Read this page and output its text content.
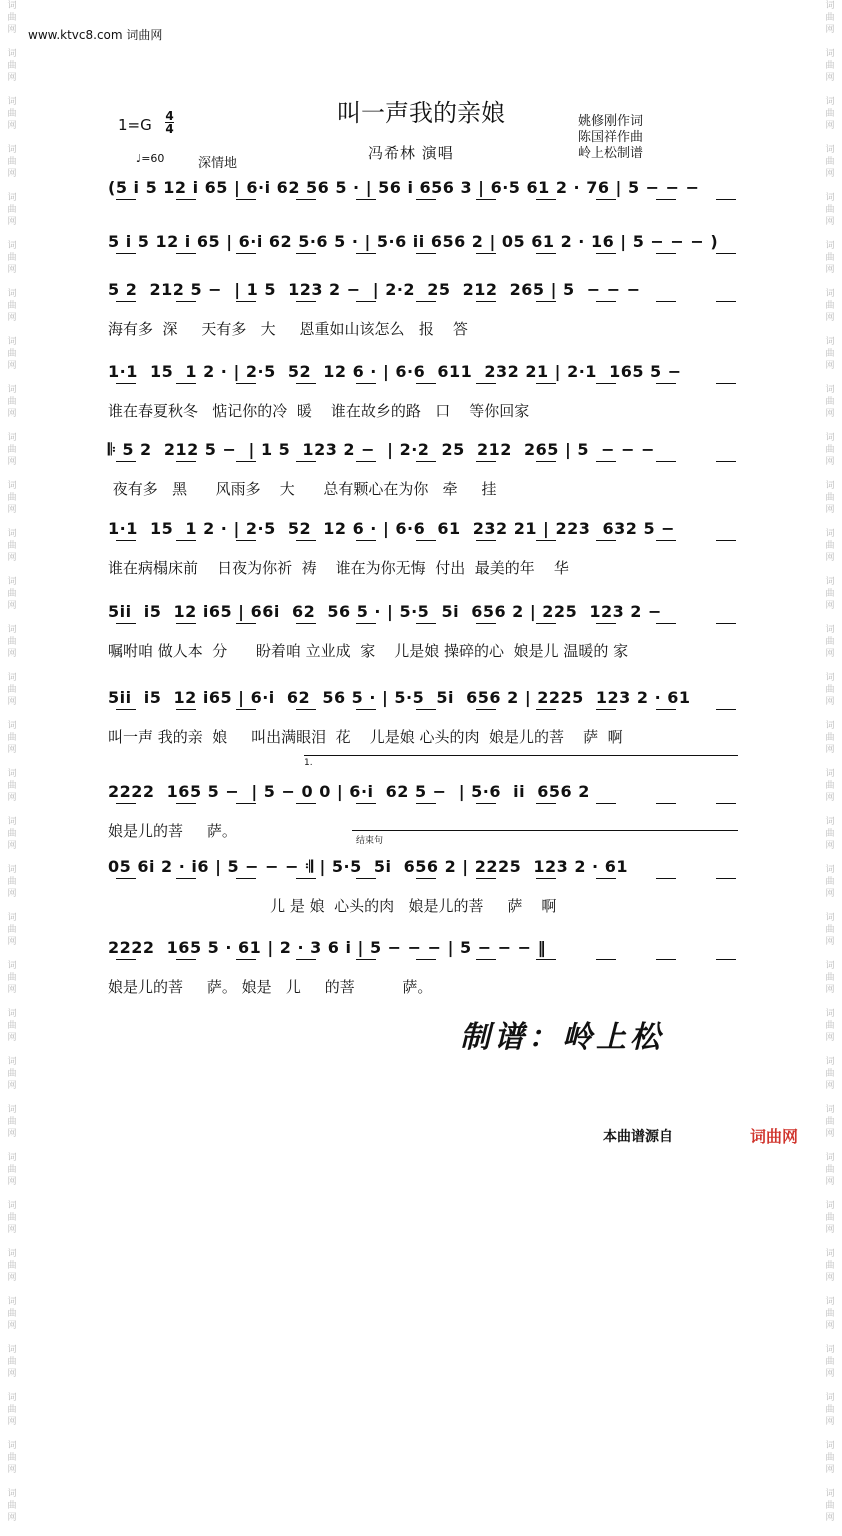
词
曲
网
词
曲
网
词
曲
网
词
曲
网
词
曲
网
词
曲
网
词
曲
网
词
曲
网
词
曲
网
词
曲
网
词
曲
网
词
曲
网
词
曲
网
词
曲
网
词
曲
网
词
曲
网
词
曲
网
词
曲
网
词
曲
网
词
曲
网
词
曲
网
词
曲
网
词
曲
网
词
曲
网
词
曲
网
词
曲
网
词
曲
网
词
曲
网
词
曲
网
词
曲
网
词
曲
网
词
曲
网
词
曲
网
词
曲
网
词
曲
网
词
曲
网
词
曲
网
词
曲
网
词
曲
网
词
曲
网
词
曲
网
词
曲
网
词
曲
网
词
曲
网
词
曲
网
词
曲
网
词
曲
网
词
曲
网
词
曲
网
词
曲
网
词
曲
网
词
曲
网
词
曲
网
词
曲
网
词
曲
网
词
曲
网
词
曲
网
词
曲
网
词
曲
网
词
曲
网
词
曲
网
词
曲
网
词
曲
网
词
曲
网
www.ktvc8.com 词曲网
叫一声我的亲娘
1=G 4
4
冯希林 演唱
姚修刚作词
陈国祥作曲
岭上松制谱
♩=60	深情地
(5 i 5 12 i 65 | 6·i 62 56 5 · | 56 i 656 3 | 6·5 61 2 · 76 | 5 − − −
5 i 5 12 i 65 | 6·i 62 5·6 5 · | 5·6 ii 656 2 | 05 61 2 · 16 | 5 − − − )
5 2  212 5 −  | 1 5  123 2 −  | 2·2  25  212  265 | 5  − − −
海有多  深     天有多   大     恩重如山该怎么   报    答
1·1  15  1 2 · | 2·5  52  12 6 · | 6·6  611  232 21 | 2·1  165 5 −
谁在春夏秋冬   惦记你的冷  暖    谁在故乡的路   口    等你回家
𝄆 5 2  212 5 −  | 1 5  123 2 −  | 2·2  25  212  265 | 5  − − −
夜有多   黑      风雨多    大      总有颗心在为你   牵     挂
1·1  15  1 2 · | 2·5  52  12 6 · | 6·6  61  232 21 | 223  632 5 −
谁在病榻床前    日夜为你祈  祷    谁在为你无悔  付出  最美的年    华
5ii  i5  12 i65 | 66i  62  56 5 · | 5·5  5i  656 2 | 225  123 2 −
嘱咐咱 做人本  分      盼着咱 立业成  家    儿是娘 操碎的心  娘是儿 温暖的 家
5ii  i5  12 i65 | 6·i  62  56 5 · | 5·5  5i  656 2 | 2225  123 2 · 61
叫一声 我的亲  娘     叫出满眼泪  花    儿是娘 心头的肉  娘是儿的菩    萨  啊
2222  165 5 −  | 5 − 0 0 | 6·i  62 5 −  | 5·6  ii  656 2
娘是儿的菩     萨。
05 6i 2 · i6 | 5 − − − 𝄇 | 5·5  5i  656 2 | 2225  123 2 · 61
儿 是 娘  心头的肉   娘是儿的菩     萨    啊
2222  165 5 · 61 | 2 · 3 6 i | 5 − − − | 5 − − − ‖
娘是儿的菩     萨。 娘是   儿     的菩          萨。
1.
结束句
制谱：岭上松
本曲谱源自	词曲网
